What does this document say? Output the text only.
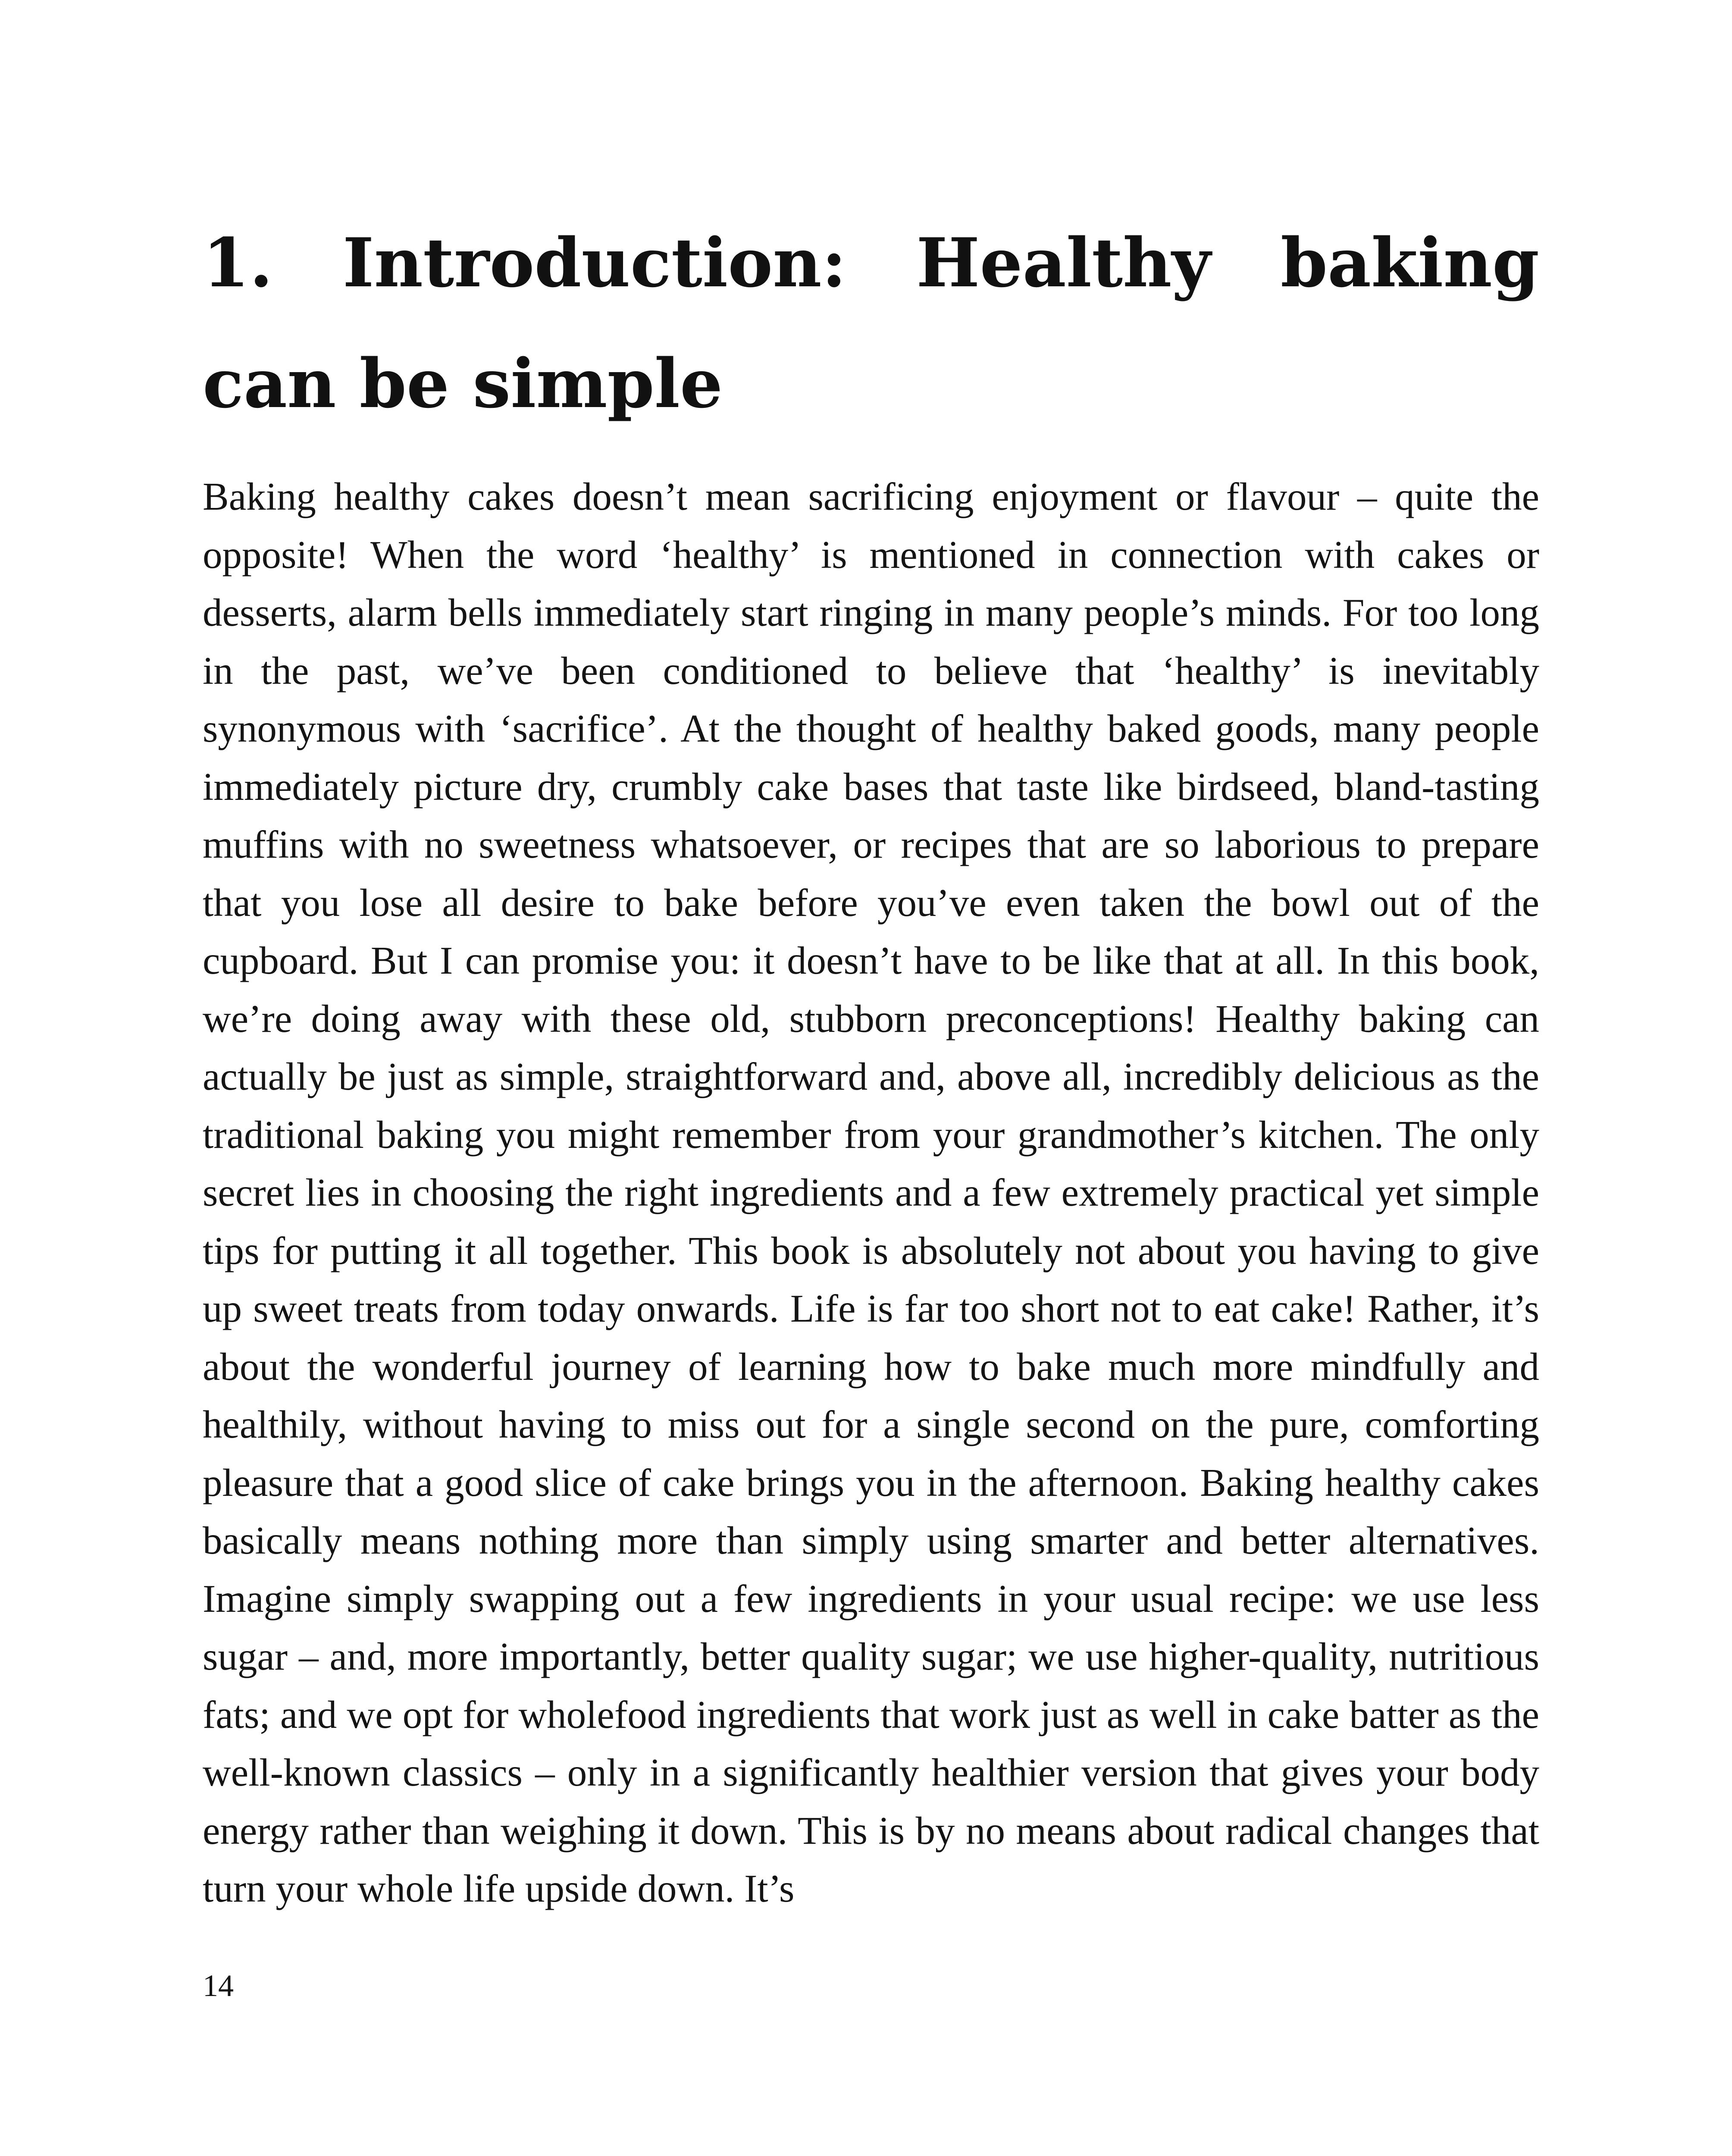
1. Introduction: Healthy baking can be simple

Baking healthy cakes doesn’t mean sacrificing enjoyment or flavour – quite the opposite! When the word ‘healthy’ is mentioned in connection with cakes or desserts, alarm bells immediately start ringing in many people’s minds. For too long in the past, we’ve been conditioned to believe that ‘healthy’ is inevitably synonymous with ‘sacrifice’. At the thought of healthy baked goods, many people immediately picture dry, crumbly cake bases that taste like birdseed, bland-tasting muffins with no sweetness whatsoever, or recipes that are so laborious to prepare that you lose all desire to bake before you’ve even taken the bowl out of the cupboard. But I can promise you: it doesn’t have to be like that at all. In this book, we’re doing away with these old, stubborn preconceptions! Healthy baking can actually be just as simple, straightforward and, above all, incredibly delicious as the traditional baking you might remember from your grandmother’s kitchen. The only secret lies in choosing the right ingredients and a few extremely practical yet simple tips for putting it all together. This book is absolutely not about you having to give up sweet treats from today onwards. Life is far too short not to eat cake! Rather, it’s about the wonderful journey of learning how to bake much more mindfully and healthily, without having to miss out for a single second on the pure, comforting pleasure that a good slice of cake brings you in the afternoon. Baking healthy cakes basically means nothing more than simply using smarter and better alternatives. Imagine simply swapping out a few ingredients in your usual recipe: we use less sugar – and, more importantly, better quality sugar; we use higher-quality, nutritious fats; and we opt for wholefood ingredients that work just as well in cake batter as the well-known classics – only in a significantly healthier version that gives your body energy rather than weighing it down. This is by no means about radical changes that turn your whole life upside down. It’s

14
